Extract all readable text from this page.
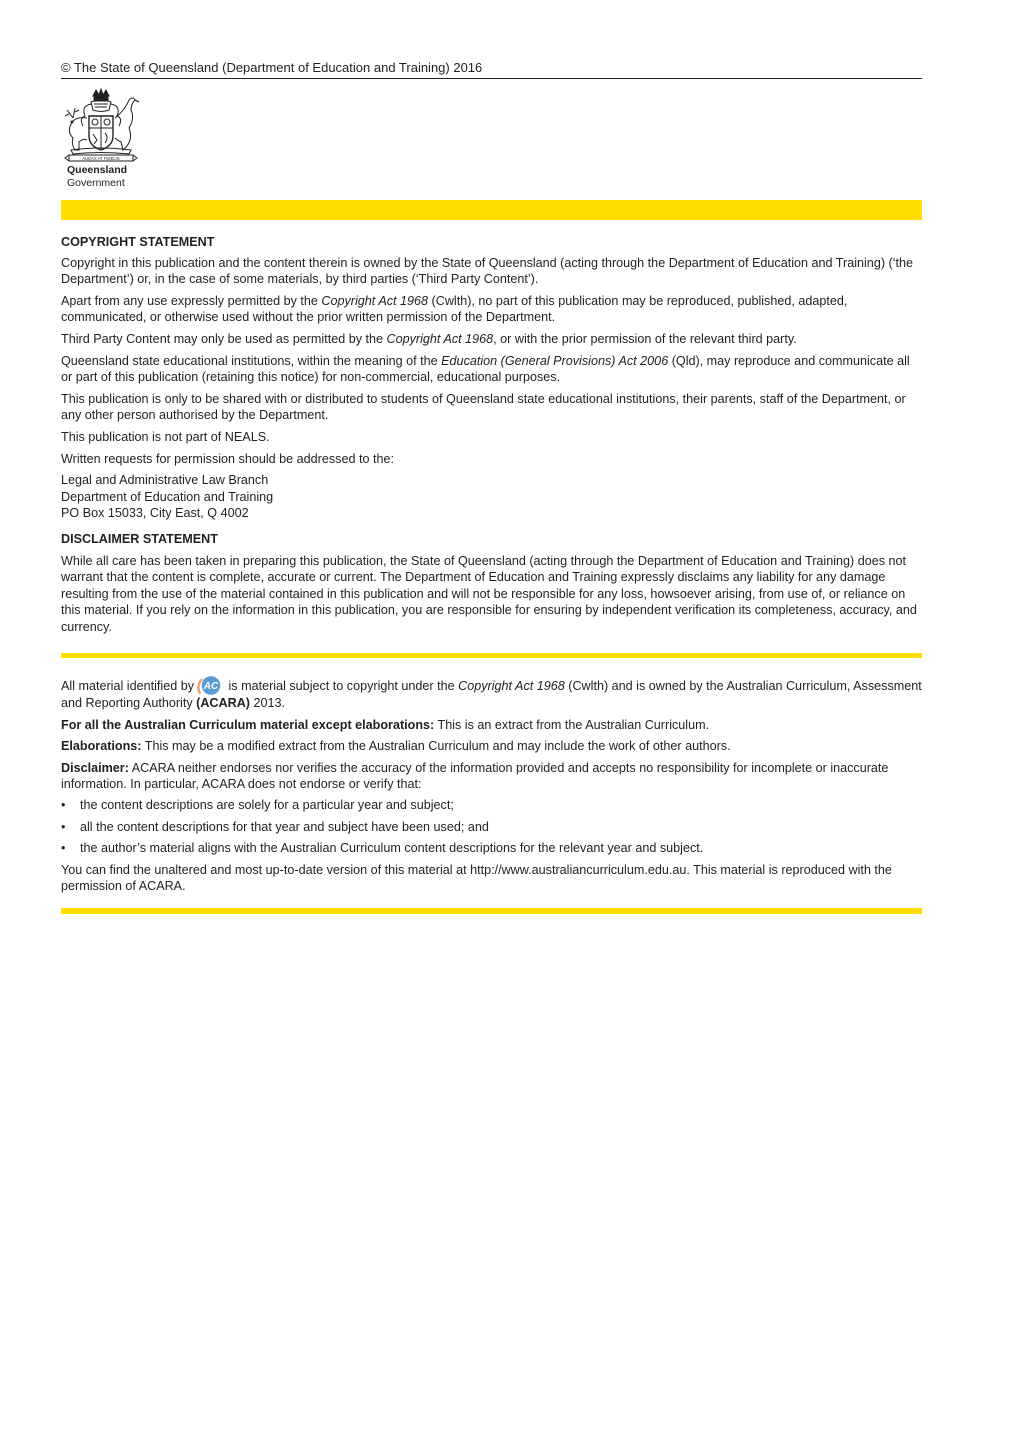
© The State of Queensland (Department of Education and Training) 2016
AUDAX AT FIDELIS
Queensland
Government

COPYRIGHT STATEMENT

Copyright in this publication and the content therein is owned by the State of Queensland (acting through the Department of Education and Training) (‘the Department’) or, in the case of some materials, by third parties (‘Third Party Content’).

Apart from any use expressly permitted by the Copyright Act 1968 (Cwlth), no part of this publication may be reproduced, published, adapted, communicated, or otherwise used without the prior written permission of the Department.

Third Party Content may only be used as permitted by the Copyright Act 1968, or with the prior permission of the relevant third party.

Queensland state educational institutions, within the meaning of the Education (General Provisions) Act 2006 (Qld), may reproduce and communicate all or part of this publication (retaining this notice) for non-commercial, educational purposes.

This publication is only to be shared with or distributed to students of Queensland state educational institutions, their parents, staff of the Department, or any other person authorised by the Department.

This publication is not part of NEALS.

Written requests for permission should be addressed to the:

Legal and Administrative Law Branch

Department of Education and Training

PO Box 15033, City East, Q 4002

DISCLAIMER STATEMENT

While all care has been taken in preparing this publication, the State of Queensland (acting through the Department of Education and Training) does not warrant that the content is complete, accurate or current. The Department of Education and Training expressly disclaims any liability for any damage resulting from the use of the material contained in this publication and will not be responsible for any loss, howsoever arising, from use of, or reliance on this material. If you rely on the information in this publication, you are responsible for ensuring by independent verification its completeness, accuracy, and currency.

All material identified by AC is material subject to copyright under the Copyright Act 1968 (Cwlth) and is owned by the Australian Curriculum, Assessment and Reporting Authority (ACARA) 2013.

For all the Australian Curriculum material except elaborations: This is an extract from the Australian Curriculum.

Elaborations: This may be a modified extract from the Australian Curriculum and may include the work of other authors.

Disclaimer: ACARA neither endorses nor verifies the accuracy of the information provided and accepts no responsibility for incomplete or inaccurate information. In particular, ACARA does not endorse or verify that:

•	the content descriptions are solely for a particular year and subject;
•	all the content descriptions for that year and subject have been used; and
•	the author’s material aligns with the Australian Curriculum content descriptions for the relevant year and subject.

You can find the unaltered and most up-to-date version of this material at http://www.australiancurriculum.edu.au. This material is reproduced with the permission of ACARA.
